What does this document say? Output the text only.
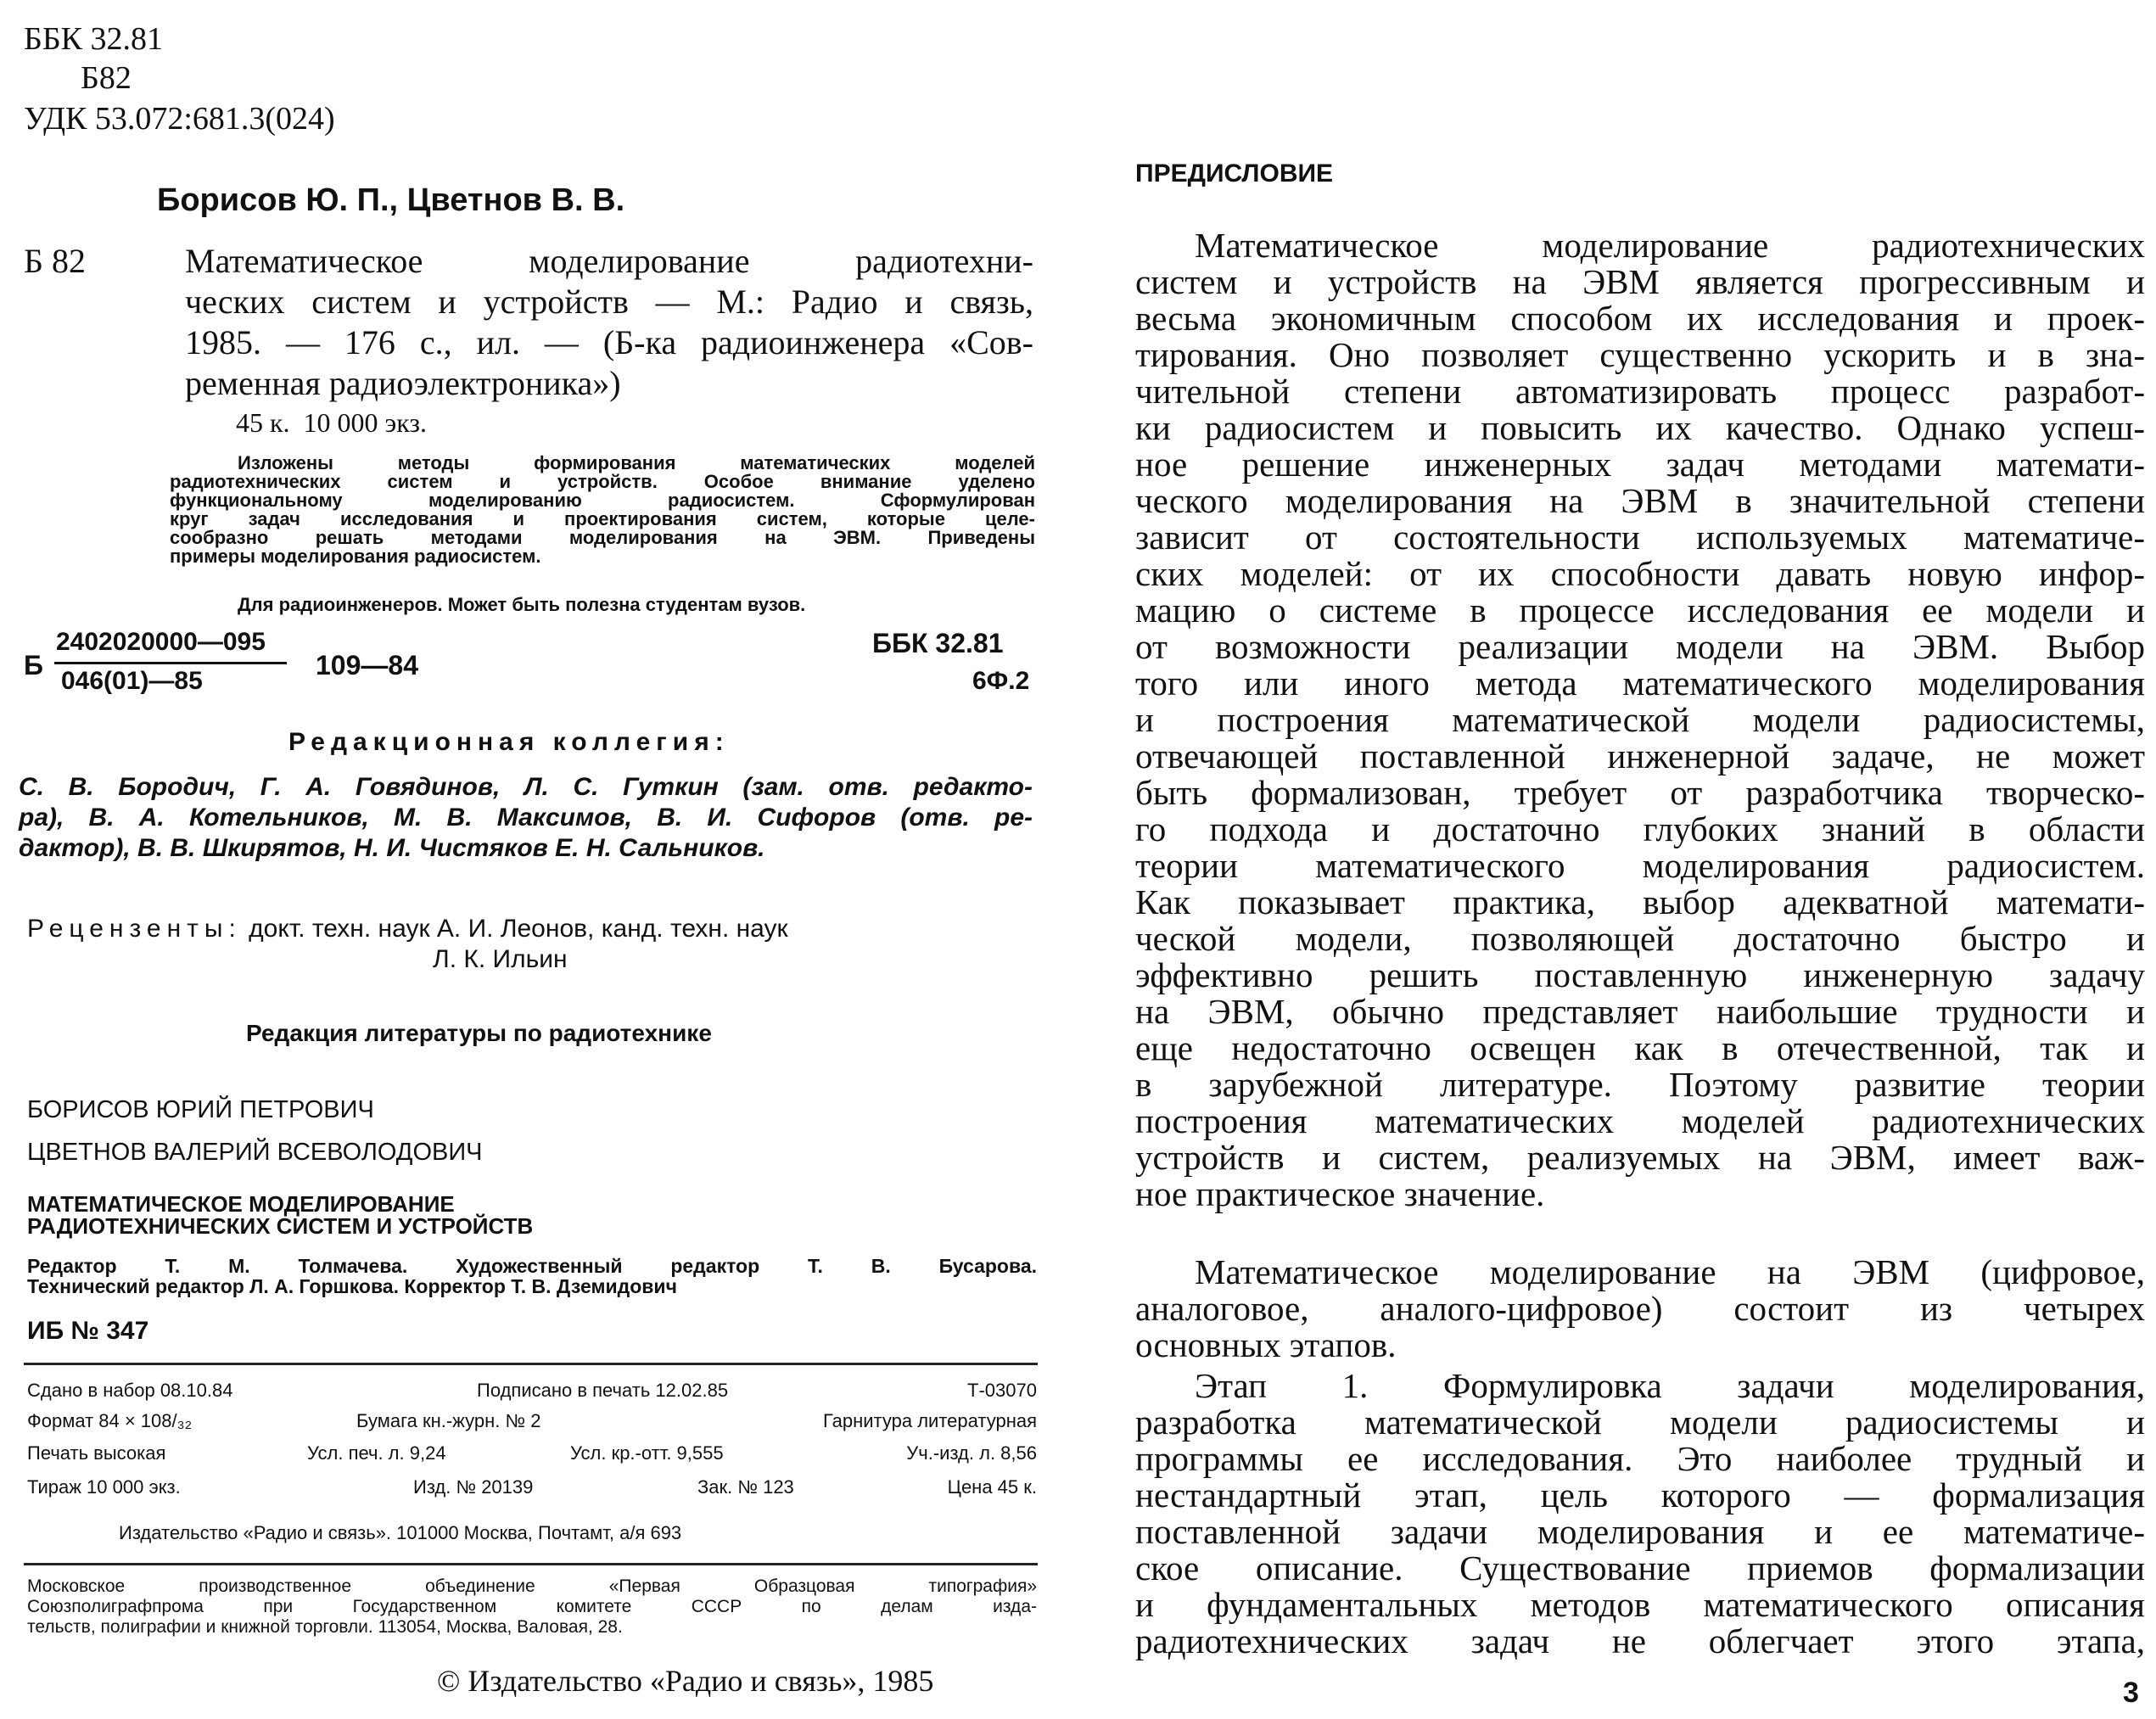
ББК 32.81
Б82
УДК 53.072:681.3(024)
Борисов Ю. П., Цветнов В. В.
Б 82	Математическое моделирование радиотехни-
ческих систем и устройств — М.: Радио и связь,
1985. — 176 с., ил. — (Б-ка радиоинженера «Сов-
ременная радиоэлектроника»)
45 к.  10 000 экз.
Изложены методы формирования математических моделей
радиотехнических систем и устройств. Особое внимание уделено
функциональному моделированию радиосистем. Сформулирован
круг задач исследования и проектирования систем, которые целе-
сообразно решать методами моделирования на ЭВМ. Приведены
примеры моделирования радиосистем.
Для радиоинженеров. Может быть полезна студентам вузов.
Б
2402020000—095
046(01)—85
109—84
ББК 32.81
6Ф.2
Редакционная коллегия:
С. В. Бородич, Г. А. Говядинов, Л. С. Гуткин (зам. отв. редакто-
ра), В. А. Котельников, М. В. Максимов, В. И. Сифоров (отв. ре-
дактор), В. В. Шкирятов, Н. И. Чистяков Е. Н. Сальников.
Рецензенты: докт. техн. наук А. И. Леонов, канд. техн. наук
Л. К. Ильин
Редакция литературы по радиотехнике
БОРИСОВ ЮРИЙ ПЕТРОВИЧ
ЦВЕТНОВ ВАЛЕРИЙ ВСЕВОЛОДОВИЧ
МАТЕМАТИЧЕСКОЕ МОДЕЛИРОВАНИЕ
РАДИОТЕХНИЧЕСКИХ СИСТЕМ И УСТРОЙСТВ
Редактор Т. М. Толмачева. Художественный редактор Т. В. Бусарова.
Технический редактор Л. А. Горшкова. Корректор Т. В. Дземидович
ИБ № 347
Сдано в набор 08.10.84	Подписано в печать 12.02.85	Т-03070
Формат 84 × 108/₃₂	Бумага кн.-журн. № 2	Гарнитура литературная
Печать высокая	Усл. печ. л. 9,24	Усл. кр.-отт. 9,555	Уч.-изд. л. 8,56
Тираж 10 000 экз.	Изд. № 20139	Зак. № 123	Цена 45 к.
Издательство «Радио и связь». 101000 Москва, Почтамт, а/я 693
Московское производственное объединение «Первая Образцовая типография»
Союзполиграфпрома при Государственном комитете СССР по делам изда-
тельств, полиграфии и книжной торговли. 113054, Москва, Валовая, 28.
© Издательство «Радио и связь», 1985
ПРЕДИСЛОВИЕ
Математическое моделирование радиотехнических
систем и устройств на ЭВМ является прогрессивным и
весьма экономичным способом их исследования и проек-
тирования. Оно позволяет существенно ускорить и в зна-
чительной степени автоматизировать процесс разработ-
ки радиосистем и повысить их качество. Однако успеш-
ное решение инженерных задач методами математи-
ческого моделирования на ЭВМ в значительной степени
зависит от состоятельности используемых математиче-
ских моделей: от их способности давать новую инфор-
мацию о системе в процессе исследования ее модели и
от возможности реализации модели на ЭВМ. Выбор
того или иного метода математического моделирования
и построения математической модели радиосистемы,
отвечающей поставленной инженерной задаче, не может
быть формализован, требует от разработчика творческо-
го подхода и достаточно глубоких знаний в области
теории математического моделирования радиосистем.
Как показывает практика, выбор адекватной математи-
ческой модели, позволяющей достаточно быстро и
эффективно решить поставленную инженерную задачу
на ЭВМ, обычно представляет наибольшие трудности и
еще недостаточно освещен как в отечественной, так и
в зарубежной литературе. Поэтому развитие теории
построения математических моделей радиотехнических
устройств и систем, реализуемых на ЭВМ, имеет важ-
ное практическое значение.
Математическое моделирование на ЭВМ (цифровое,
аналоговое, аналого-цифровое) состоит из четырех
основных этапов.
Этап 1. Формулировка задачи моделирования,
разработка математической модели радиосистемы и
программы ее исследования. Это наиболее трудный и
нестандартный этап, цель которого — формализация
поставленной задачи моделирования и ее математиче-
ское описание. Существование приемов формализации
и фундаментальных методов математического описания
радиотехнических задач не облегчает этого этапа,
3
